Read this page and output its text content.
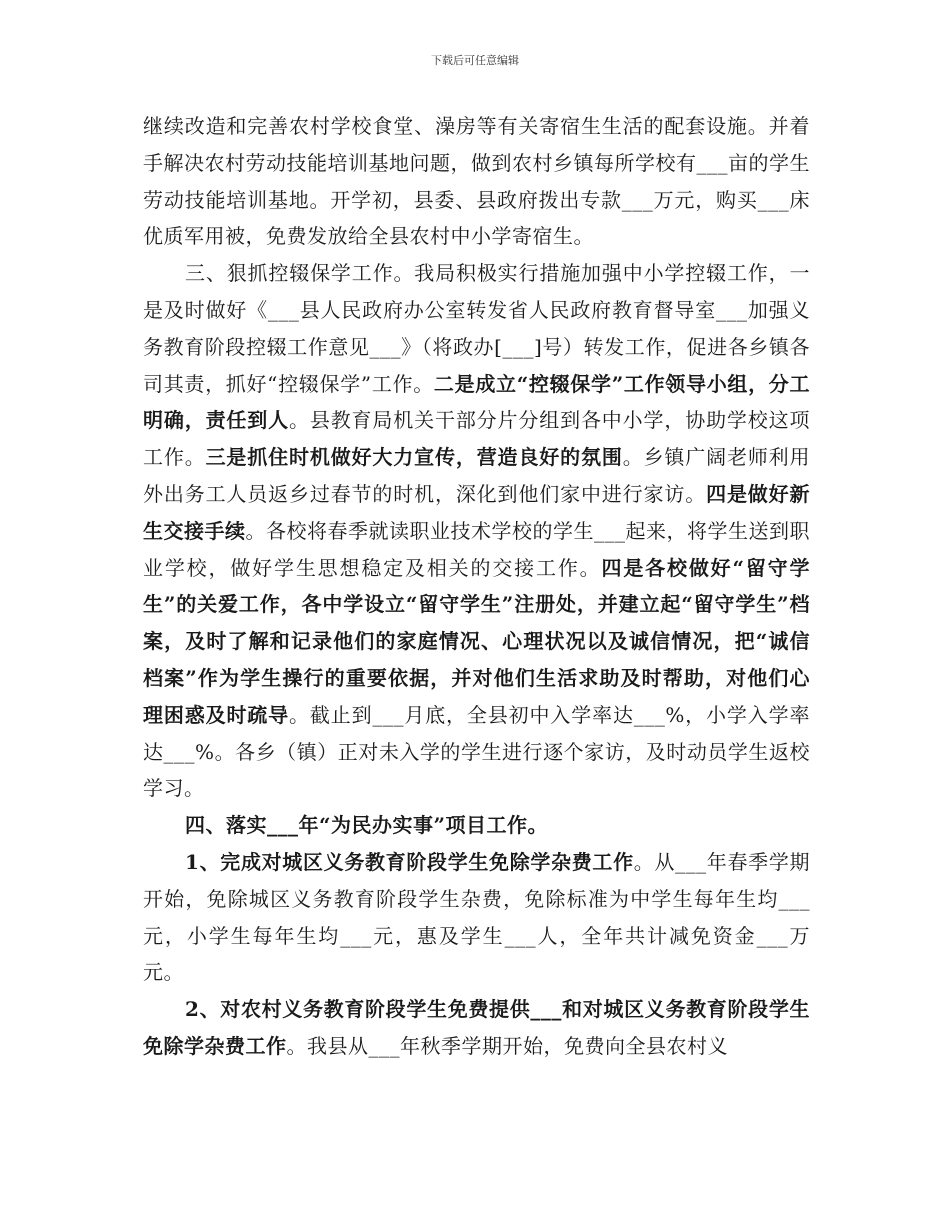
下载后可任意编辑

继续改造和完善农村学校食堂、澡房等有关寄宿生生活的配套设施。并着手解决农村劳动技能培训基地问题，做到农村乡镇每所学校有___亩的学生劳动技能培训基地。开学初，县委、县政府拨出专款___万元，购买___床优质军用被，免费发放给全县农村中小学寄宿生。

三、狠抓控辍保学工作。我局积极实行措施加强中小学控辍工作，一是及时做好《___县人民政府办公室转发省人民政府教育督导室___加强义务教育阶段控辍工作意见___》（将政办[___]号）转发工作，促进各乡镇各司其责，抓好“控辍保学”工作。二是成立“控辍保学”工作领导小组，分工明确，责任到人。县教育局机关干部分片分组到各中小学，协助学校这项工作。三是抓住时机做好大力宣传，营造良好的氛围。乡镇广阔老师利用外出务工人员返乡过春节的时机，深化到他们家中进行家访。四是做好新生交接手续。各校将春季就读职业技术学校的学生___起来，将学生送到职业学校，做好学生思想稳定及相关的交接工作。四是各校做好“留守学生”的关爱工作，各中学设立“留守学生”注册处，并建立起“留守学生”档案，及时了解和记录他们的家庭情况、心理状况以及诚信情况，把“诚信档案”作为学生操行的重要依据，并对他们生活求助及时帮助，对他们心理困惑及时疏导。截止到___月底，全县初中入学率达___%，小学入学率达___%。各乡（镇）正对未入学的学生进行逐个家访，及时动员学生返校学习。

四、落实___年“为民办实事”项目工作。

1、完成对城区义务教育阶段学生免除学杂费工作。从___年春季学期开始，免除城区义务教育阶段学生杂费，免除标准为中学生每年生均___元，小学生每年生均___元，惠及学生___人，全年共计减免资金___万元。

2、对农村义务教育阶段学生免费提供___和对城区义务教育阶段学生免除学杂费工作。我县从___年秋季学期开始，免费向全县农村义
